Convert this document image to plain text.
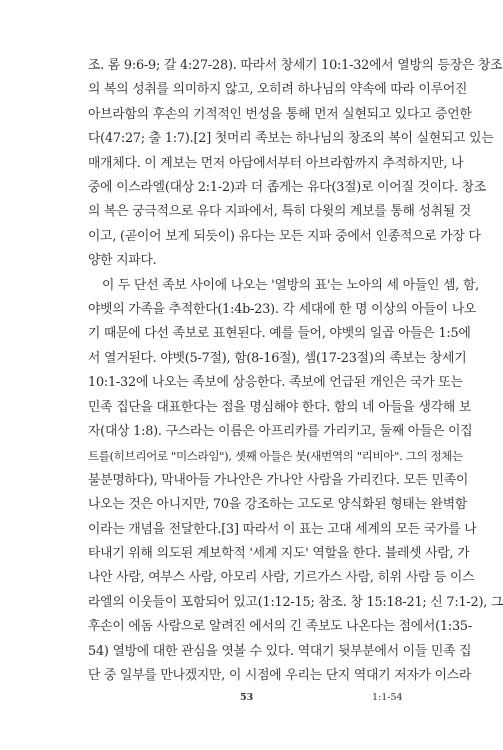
조. 롬 9:6-9; 갈 4:27-28). 따라서 창세기 10:1-32에서 열방의 등장은 창조
의 복의 성취를 의미하지 않고, 오히려 하나님의 약속에 따라 이루어진
아브라함의 후손의 기적적인 번성을 통해 먼저 실현되고 있다고 증언한
다(47:27; 출 1:7).[2] 첫머리 족보는 하나님의 창조의 복이 실현되고 있는
매개체다. 이 계보는 먼저 아담에서부터 아브라함까지 추적하지만, 나
중에 이스라엘(대상 2:1-2)과 더 좁게는 유다(3절)로 이어질 것이다. 창조
의 복은 궁극적으로 유다 지파에서, 특히 다윗의 계보를 통해 성취될 것
이고, (곧이어 보게 되듯이) 유다는 모든 지파 중에서 인종적으로 가장 다
양한 지파다.
이 두 단선 족보 사이에 나오는 '열방의 표'는 노아의 세 아들인 셈, 함,
야벳의 가족을 추적한다(1:4b-23). 각 세대에 한 명 이상의 아들이 나오
기 때문에 다선 족보로 표현된다. 예를 들어, 야벳의 일곱 아들은 1:5에
서 열거된다. 야벳(5-7절), 함(8-16절), 셈(17-23절)의 족보는 창세기
10:1-32에 나오는 족보에 상응한다. 족보에 언급된 개인은 국가 또는
민족 집단을 대표한다는 점을 명심해야 한다. 함의 네 아들을 생각해 보
자(대상 1:8). 구스라는 이름은 아프리카를 가리키고, 둘째 아들은 이집
트를(히브리어로 "미스라임"), 셋째 아들은 붓(새번역의 "리비아". 그의 정체는
불분명하다), 막내아들 가나안은 가나안 사람을 가리킨다. 모든 민족이
나오는 것은 아니지만, 70을 강조하는 고도로 양식화된 형태는 완벽함
이라는 개념을 전달한다.[3] 따라서 이 표는 고대 세계의 모든 국가를 나
타내기 위해 의도된 계보학적 '세계 지도' 역할을 한다. 블레셋 사람, 가
나안 사람, 여부스 사람, 아모리 사람, 기르가스 사람, 히위 사람 등 이스
라엘의 이웃들이 포함되어 있고(1:12-15; 참조. 창 15:18-21; 신 7:1-2), 그
후손이 에돔 사람으로 알려진 에서의 긴 족보도 나온다는 점에서(1:35-
53	1:1-54
54) 열방에 대한 관심을 엿볼 수 있다. 역대기 뒷부분에서 이들 민족 집
단 중 일부를 만나겠지만, 이 시점에 우리는 단지 역대기 저자가 이스라
